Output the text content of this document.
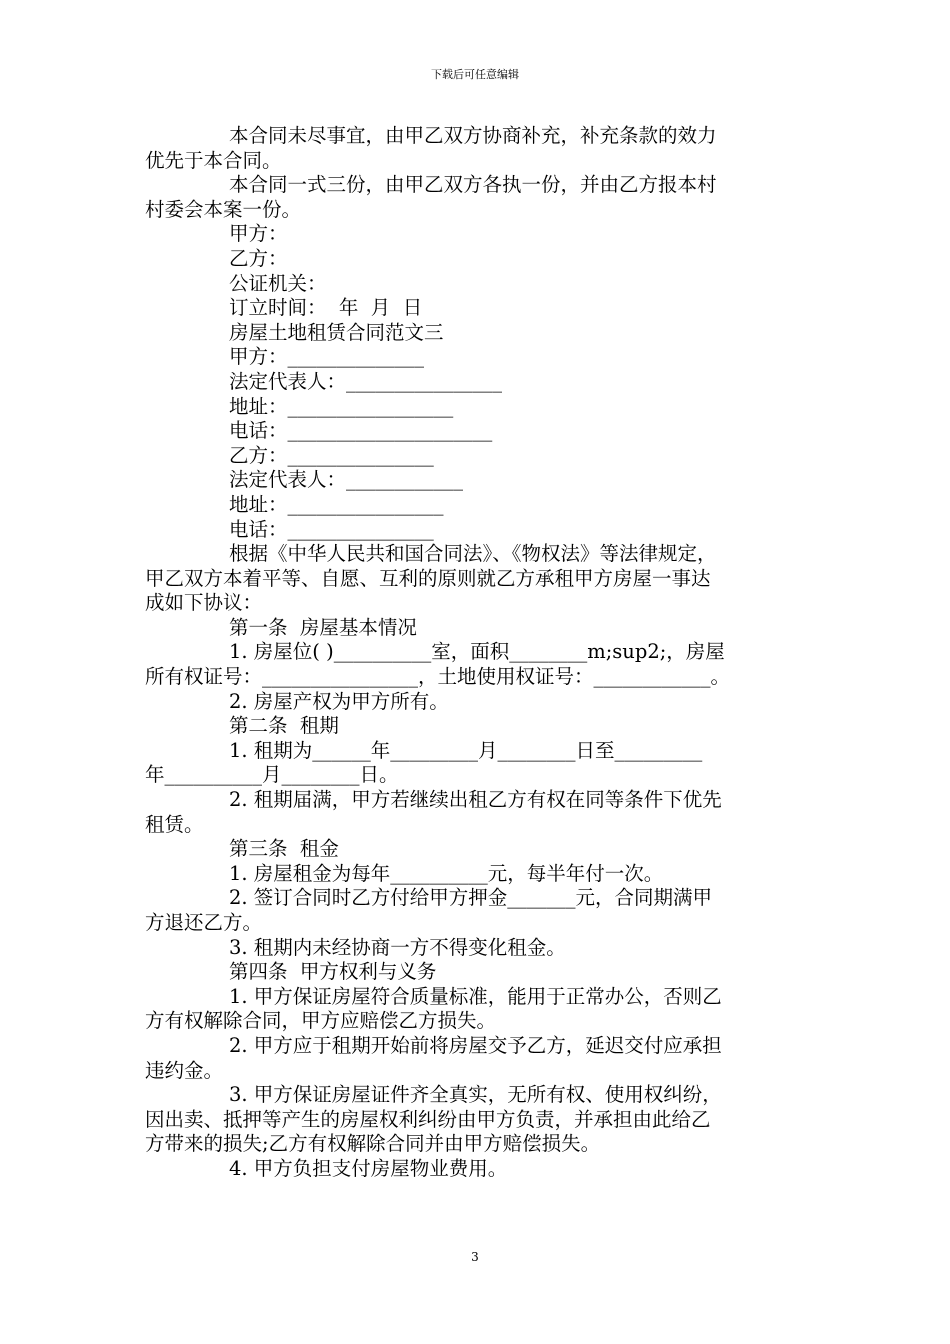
下载后可任意编辑
本合同未尽事宜，由甲乙双方协商补充，补充条款的效力
优先于本合同。
本合同一式三份，由甲乙双方各执一份，并由乙方报本村
村委会本案一份。
甲方：
乙方：
公证机关：
订立时间：  年  月  日
房屋土地租赁合同范文三
甲方：______________
法定代表人：________________
地址：_________________
电话：_____________________
乙方：_______________
法定代表人：____________
地址：________________
电话：_______________
根据《中华人民共和国合同法》、《物权法》等法律规定，
甲乙双方本着平等、自愿、互利的原则就乙方承租甲方房屋一事达
成如下协议：
第一条  房屋基本情况
1. 房屋位( )__________室，面积________m;sup2;，房屋
所有权证号：________________，土地使用权证号：____________。
2. 房屋产权为甲方所有。
第二条  租期
1. 租期为______年_________月________日至_________
年__________月________日。
2. 租期届满，甲方若继续出租乙方有权在同等条件下优先
租赁。
第三条  租金
1. 房屋租金为每年__________元，每半年付一次。
2. 签订合同时乙方付给甲方押金_______元，合同期满甲
方退还乙方。
3. 租期内未经协商一方不得变化租金。
第四条  甲方权利与义务
1. 甲方保证房屋符合质量标准，能用于正常办公，否则乙
方有权解除合同，甲方应赔偿乙方损失。
2. 甲方应于租期开始前将房屋交予乙方，延迟交付应承担
违约金。
3. 甲方保证房屋证件齐全真实，无所有权、使用权纠纷，
因出卖、抵押等产生的房屋权利纠纷由甲方负责，并承担由此给乙
方带来的损失;乙方有权解除合同并由甲方赔偿损失。
4. 甲方负担支付房屋物业费用。
3
